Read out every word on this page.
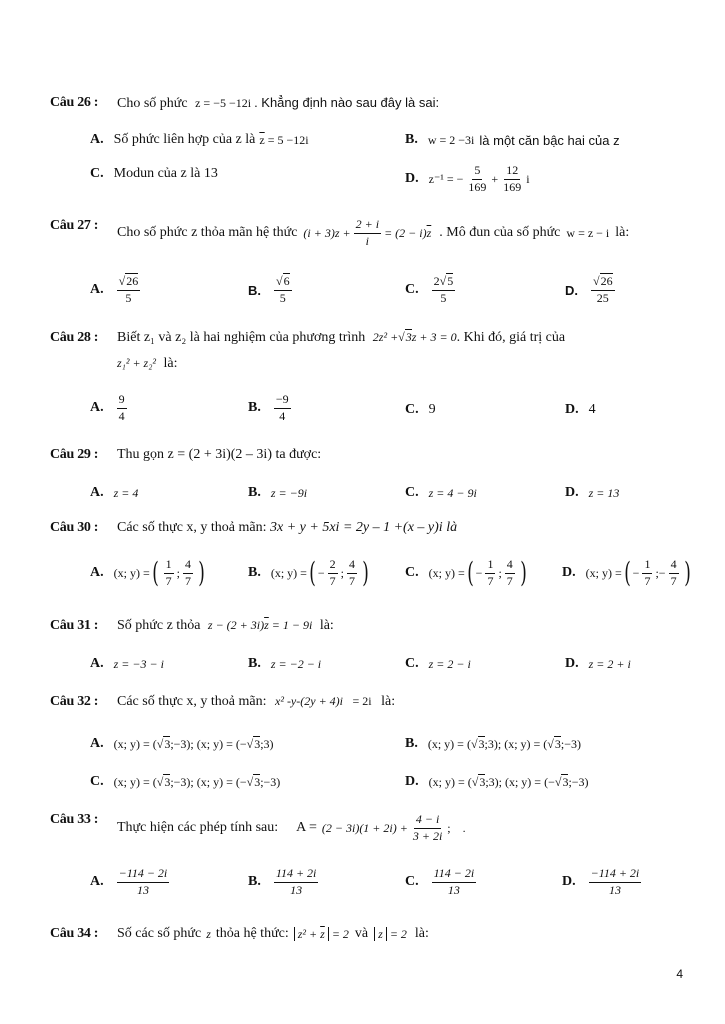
Câu 26 : Cho số phức z = −5 −12i . Khẳng định nào sau đây là sai:
A. Số phức liên hợp của z là $\overline{z} = 5 -12i$	B. w = 2 −3i là một căn bậc hai của z
C. Modun của z là 13	D. z⁻¹ = − $\frac{5}{169} + \frac{12}{169}$ i
Câu 27 : Cho số phức z thỏa mãn hệ thức $(i + 3)z + \frac{2 + i}{i} = (2 - i)$ $\overline{z}$ . Mô đun của số phức w = z − i là:
A. $\frac{√26}{5}$	B. $\frac{√6}{5}$	C. $\frac{2√5}{5}$	D. $\frac{√26}{25}$
Câu 28 : Biết z₁ và z₂ là hai nghiệm của phương trình 2z² +√3z + 3 = 0. Khi đó, giá trị của
z₁² + z₂² là:
A. $\frac{9}{4}$	B. $\frac{-9}{4}$	C. 9	D. 4
Câu 29 : Thu gọn z = (2 + 3i)(2 – 3i) ta được:
A. z = 4	B. z = −9i	C. z = 4 − 9i	D. z = 13
Câu 30 : Các số thực x, y thoả mãn: 3x + y + 5xi = 2y – 1 +(x – y)i là
A. (x; y) = ( $\frac{1}{7}$ ; $\frac{4}{7}$ )	B. (x; y) = ( − $\frac{2}{7}$ ; $\frac{4}{7}$ )	C. (x; y) = ( − $\frac{1}{7}$ ; $\frac{4}{7}$ )	D. (x; y) = ( − $\frac{1}{7}$ ; − $\frac{4}{7}$ )
Câu 31 : Số phức z thỏa $z - (2 + 3i)\overline{z} = 1 - 9i$ là:
A. z = −3 − i	B. z = −2 − i	C. z = 2 − i	D. z = 2 + i
Câu 32 : Các số thực x, y thoả mãn: x² -y-(2y + 4)i = 2i là:
A. (x; y) = (√3;−3); (x; y) = (−√3;3)	B. (x; y) = (√3;3); (x; y) = (√3;−3)
C. (x; y) = (√3;−3); (x; y) = (−√3;−3)	D. (x; y) = (√3;3); (x; y) = (−√3;−3)
Câu 33 :
Thực hiện các phép tính sau: $A = (2 - 3i)(1 + 2i) + \frac{4 - i}{3 + 2i}$ ; .
A. $\frac{-114 - 2i}{13}$	B. $\frac{114 + 2i}{13}$	C. $\frac{114 - 2i}{13}$	D. $\frac{-114 + 2i}{13}$
Câu 34 : Số các số phức z thỏa hệ thức: $z^2 + \overline{z} = 2$ và z = 2 là:
4
